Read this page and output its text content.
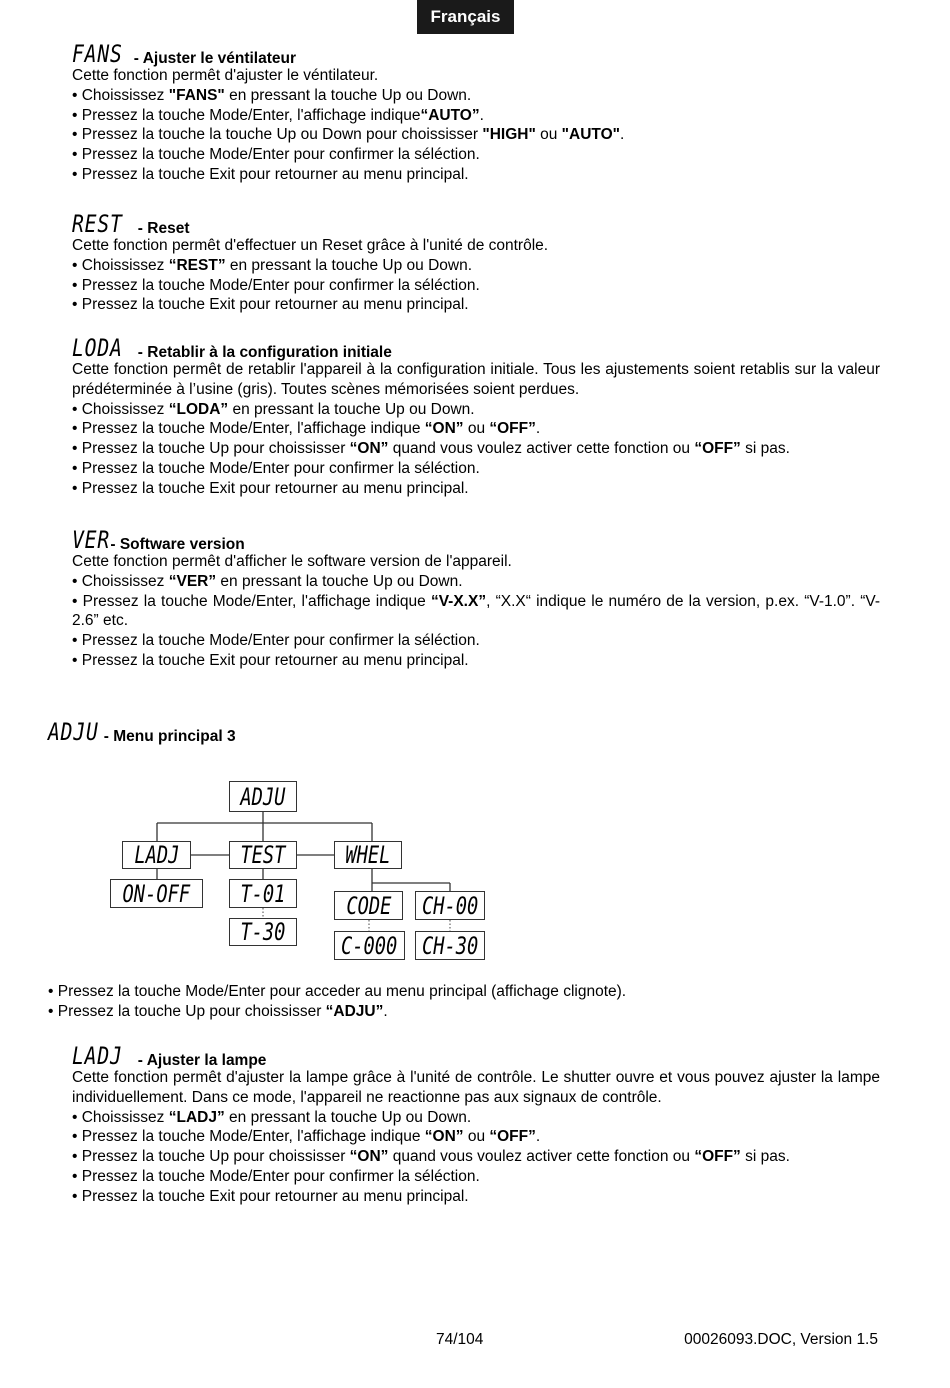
Français
FANS - Ajuster le véntilateur
Cette fonction permêt d'ajuster le véntilateur.
• Choississez "FANS" en pressant la touche Up ou Down.
• Pressez la touche Mode/Enter, l'affichage indique“AUTO”.
• Pressez la touche la touche Up ou Down pour choississer "HIGH" ou "AUTO".
• Pressez la touche Mode/Enter pour confirmer la séléction.
• Pressez la touche Exit pour retourner au menu principal.
REST - Reset
Cette fonction permêt d'effectuer un Reset grâce à l'unité de contrôle.
• Choississez “REST” en pressant la touche Up ou Down.
• Pressez la touche Mode/Enter pour confirmer la séléction.
• Pressez la touche Exit pour retourner au menu principal.
LODA - Retablir à la configuration initiale
Cette fonction permêt de retablir l'appareil à la configuration initiale. Tous les ajustements soient retablis sur la valeur prédéterminée à l’usine (gris). Toutes scènes mémorisées soient perdues.
• Choississez “LODA” en pressant la touche Up ou Down.
• Pressez la touche Mode/Enter, l'affichage indique “ON” ou “OFF”.
• Pressez la touche Up pour choississer “ON” quand vous voulez activer cette fonction ou “OFF” si pas.
• Pressez la touche Mode/Enter pour confirmer la séléction.
• Pressez la touche Exit pour retourner au menu principal.
VER - Software version
Cette fonction permêt d'afficher le software version de l'appareil.
• Choississez “VER” en pressant la touche Up ou Down.
• Pressez la touche Mode/Enter, l'affichage indique “V-X.X”, “X.X“ indique le numéro de la version, p.ex. “V-1.0”. “V-2.6” etc.
• Pressez la touche Mode/Enter pour confirmer la séléction.
• Pressez la touche Exit pour retourner au menu principal.
ADJU - Menu principal 3
ADJU
LADJ	TEST WHEL
ON-OFF T-01
T-30
CODE CH-00
C-000 CH-30
• Pressez la touche Mode/Enter pour acceder au menu principal (affichage clignote).
• Pressez la touche Up pour choississer “ADJU”.
LADJ - Ajuster la lampe
Cette fonction permêt d'ajuster la lampe grâce à l'unité de contrôle. Le shutter ouvre et vous pouvez ajuster la lampe individuellement. Dans ce mode, l'appareil ne reactionne pas aux signaux de contrôle.
• Choississez “LADJ” en pressant la touche Up ou Down.
• Pressez la touche Mode/Enter, l'affichage indique “ON” ou “OFF”.
• Pressez la touche Up pour choississer “ON” quand vous voulez activer cette fonction ou “OFF” si pas.
• Pressez la touche Mode/Enter pour confirmer la séléction.
• Pressez la touche Exit pour retourner au menu principal.
74/104	00026093.DOC, Version 1.5
